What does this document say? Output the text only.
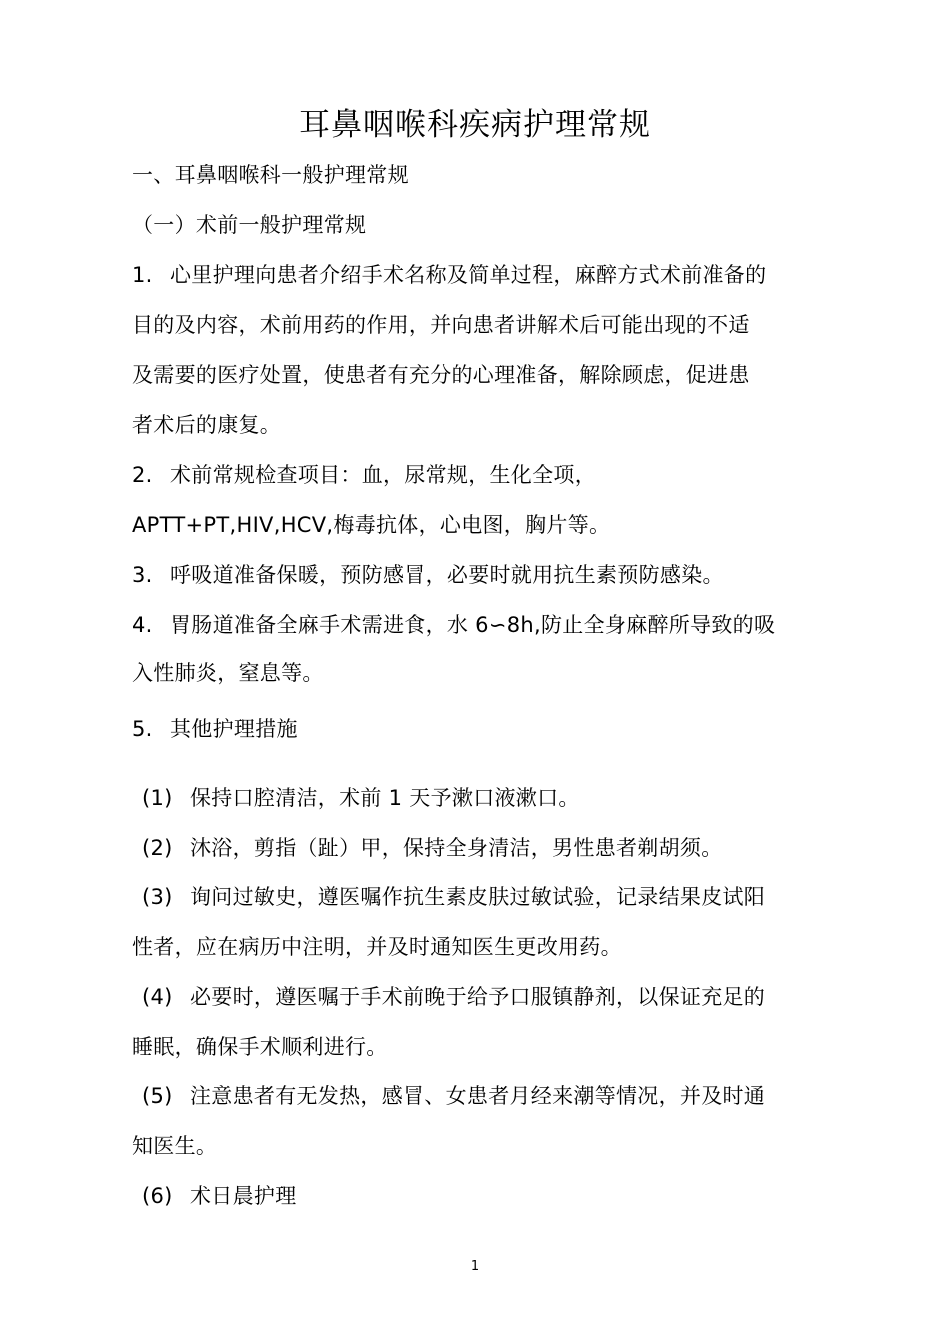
耳鼻咽喉科疾病护理常规
一、耳鼻咽喉科一般护理常规
（一）术前一般护理常规
1. 心里护理向患者介绍手术名称及简单过程，麻醉方式术前准备的
目的及内容，术前用药的作用，并向患者讲解术后可能出现的不适
及需要的医疗处置，使患者有充分的心理准备，解除顾虑，促进患
者术后的康复。
2. 术前常规检查项目：血，尿常规，生化全项，
APTT+PT,HIV,HCV,梅毒抗体，心电图，胸片等。
3. 呼吸道准备保暖，预防感冒，必要时就用抗生素预防感染。
4. 胃肠道准备全麻手术需进食，水 6∽8h,防止全身麻醉所导致的吸
入性肺炎，窒息等。
5. 其他护理措施
(1) 保持口腔清洁，术前 1 天予漱口液漱口。
(2) 沐浴，剪指（趾）甲，保持全身清洁，男性患者剃胡须。
(3) 询问过敏史，遵医嘱作抗生素皮肤过敏试验，记录结果皮试阳
性者，应在病历中注明，并及时通知医生更改用药。
(4) 必要时，遵医嘱于手术前晚于给予口服镇静剂，以保证充足的
睡眠，确保手术顺利进行。
(5) 注意患者有无发热，感冒、女患者月经来潮等情况，并及时通
知医生。
(6) 术日晨护理
1
